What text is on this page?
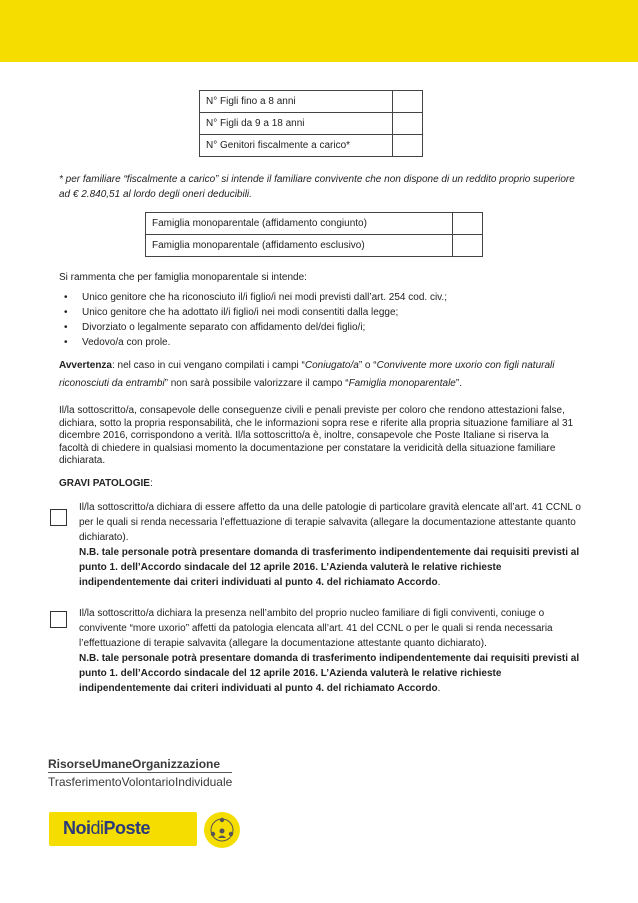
N° Figli fino a 8 anni	
N° Figli da 9 a 18 anni	
N° Genitori fiscalmente a carico*	
* per familiare “fiscalmente a carico” si intende il familiare convivente che non dispone di un reddito proprio superiore ad € 2.840,51 al lordo degli oneri deducibili.
Famiglia monoparentale (affidamento congiunto)	
Famiglia monoparentale (affidamento esclusivo)	
Si rammenta che per famiglia monoparentale si intende:
• Unico genitore che ha riconosciuto il/i figlio/i nei modi previsti dall’art. 254 cod. civ.;
• Unico genitore che ha adottato il/i figlio/i nei modi consentiti dalla legge;
• Divorziato o legalmente separato con affidamento del/dei figlio/i;
• Vedovo/a con prole.
Avvertenza: nel caso in cui vengano compilati i campi “Coniugato/a” o “Convivente more uxorio con figli naturali riconosciuti da entrambi” non sarà possibile valorizzare il campo “Famiglia monoparentale”.
Il/la sottoscritto/a, consapevole delle conseguenze civili e penali previste per coloro che rendono attestazioni false, dichiara, sotto la propria responsabilità, che le informazioni sopra rese e riferite alla propria situazione familiare al 31 dicembre 2016, corrispondono a verità. Il/la sottoscritto/a è, inoltre, consapevole che Poste Italiane si riserva la facoltà di chiedere in qualsiasi momento la documentazione per constatare la veridicità della situazione familiare dichiarata.
GRAVI PATOLOGIE:
Il/la sottoscritto/a dichiara di essere affetto da una delle patologie di particolare gravità elencate all’art. 41 CCNL o per le quali si renda necessaria l’effettuazione di terapie salvavita (allegare la documentazione attestante quanto dichiarato).
N.B. tale personale potrà presentare domanda di trasferimento indipendentemente dai requisiti previsti al punto 1. dell’Accordo sindacale del 12 aprile 2016. L’Azienda valuterà le relative richieste indipendentemente dai criteri individuati al punto 4. del richiamato Accordo.
Il/la sottoscritto/a dichiara la presenza nell’ambito del proprio nucleo familiare di figli conviventi, coniuge o convivente “more uxorio” affetti da patologia elencata all’art. 41 del CCNL o per le quali si renda necessaria l’effettuazione di terapie salvavita (allegare la documentazione attestante quanto dichiarato).
N.B. tale personale potrà presentare domanda di trasferimento indipendentemente dai requisiti previsti al punto 1. dell’Accordo sindacale del 12 aprile 2016. L’Azienda valuterà le relative richieste indipendentemente dai criteri individuati al punto 4. del richiamato Accordo.
RisorseUmaneOrganizzazione
TrasferimentoVolontarioIndividuale
NoidiPoste
